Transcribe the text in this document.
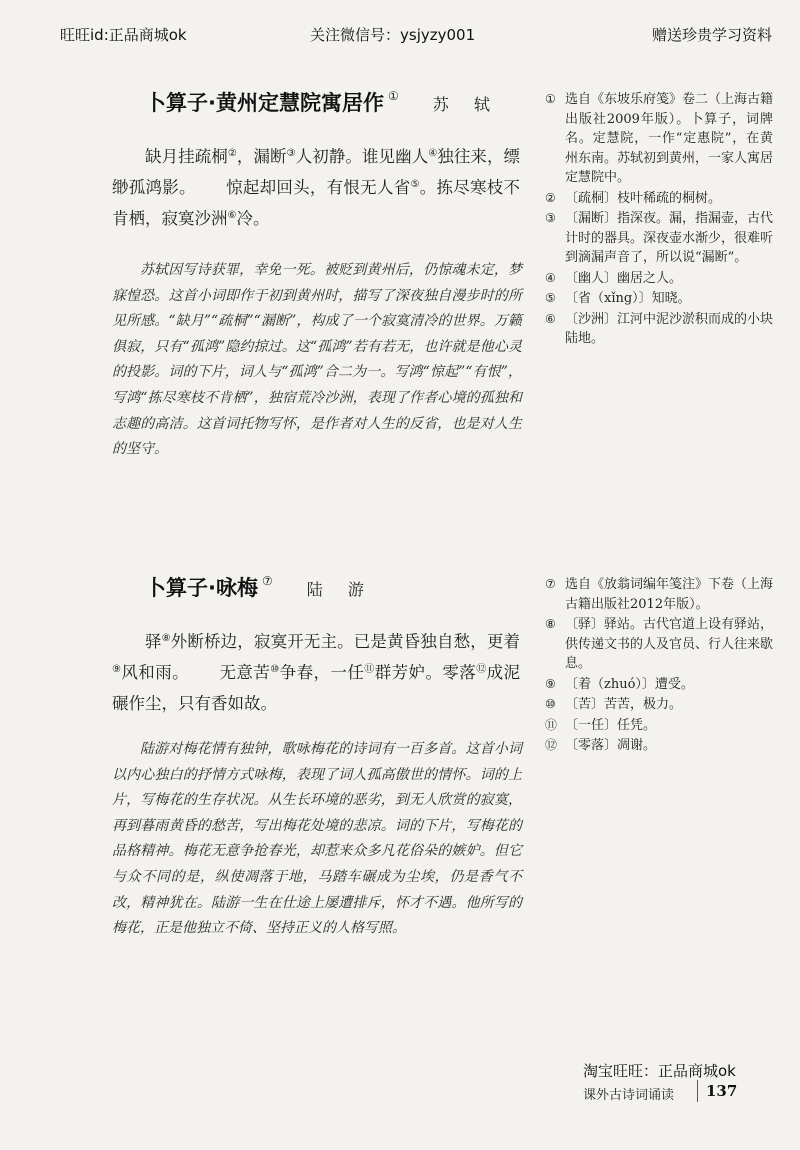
旺旺id:正品商城ok	关注微信号：ysjyzy001	赠送珍贵学习资料
卜算子·黄州定慧院寓居作 ① 苏 轼

缺月挂疏桐②，漏断③人初静。谁见幽人④独往来，缥缈孤鸿影。 惊起却回头，有恨无人省⑤。拣尽寒枝不肯栖，寂寞沙洲⑥冷。

苏轼因写诗获罪，幸免一死。被贬到黄州后，仍惊魂未定，梦寐惶恐。这首小词即作于初到黄州时，描写了深夜独自漫步时的所见所感。“缺月”“疏桐”“漏断”，构成了一个寂寞清冷的世界。万籁俱寂，只有“孤鸿”隐约掠过。这“孤鸿”若有若无，也许就是他心灵的投影。词的下片，词人与“孤鸿”合二为一。写鸿“惊起”“有恨”，写鸿“拣尽寒枝不肯栖”，独宿荒冷沙洲，表现了作者心境的孤独和志趣的高洁。这首词托物写怀，是作者对人生的反省，也是对人生的坚守。
① 选自《东坡乐府笺》卷二（上海古籍出版社2009年版）。卜算子，词牌名。定慧院，一作“定惠院”，在黄州东南。苏轼初到黄州，一家人寓居定慧院中。
② 〔疏桐〕枝叶稀疏的桐树。
③ 〔漏断〕指深夜。漏，指漏壶，古代计时的器具。深夜壶水渐少，很难听到滴漏声音了，所以说“漏断”。
④ 〔幽人〕幽居之人。
⑤ 〔省（xǐng）〕知晓。
⑥ 〔沙洲〕江河中泥沙淤积而成的小块陆地。
卜算子·咏梅 ⑦ 陆 游

驿⑧外断桥边，寂寞开无主。已是黄昏独自愁，更着⑨风和雨。 无意苦⑩争春，一任⑪群芳妒。零落⑫成泥碾作尘，只有香如故。

陆游对梅花情有独钟，歌咏梅花的诗词有一百多首。这首小词以内心独白的抒情方式咏梅，表现了词人孤高傲世的情怀。词的上片，写梅花的生存状况。从生长环境的恶劣，到无人欣赏的寂寞，再到暮雨黄昏的愁苦，写出梅花处境的悲凉。词的下片，写梅花的品格精神。梅花无意争抢春光，却惹来众多凡花俗朵的嫉妒。但它与众不同的是，纵使凋落于地，马踏车碾成为尘埃，仍是香气不改，精神犹在。陆游一生在仕途上屡遭排斥，怀才不遇。他所写的梅花，正是他独立不倚、坚持正义的人格写照。
⑦ 选自《放翁词编年笺注》下卷（上海古籍出版社2012年版）。
⑧ 〔驿〕驿站。古代官道上设有驿站，供传递文书的人及官员、行人往来歇息。
⑨ 〔着（zhuó）〕遭受。
⑩ 〔苦〕苦苦，极力。
⑪ 〔一任〕任凭。
⑫ 〔零落〕凋谢。
淘宝旺旺：正品商城ok
课外古诗词诵读 137
